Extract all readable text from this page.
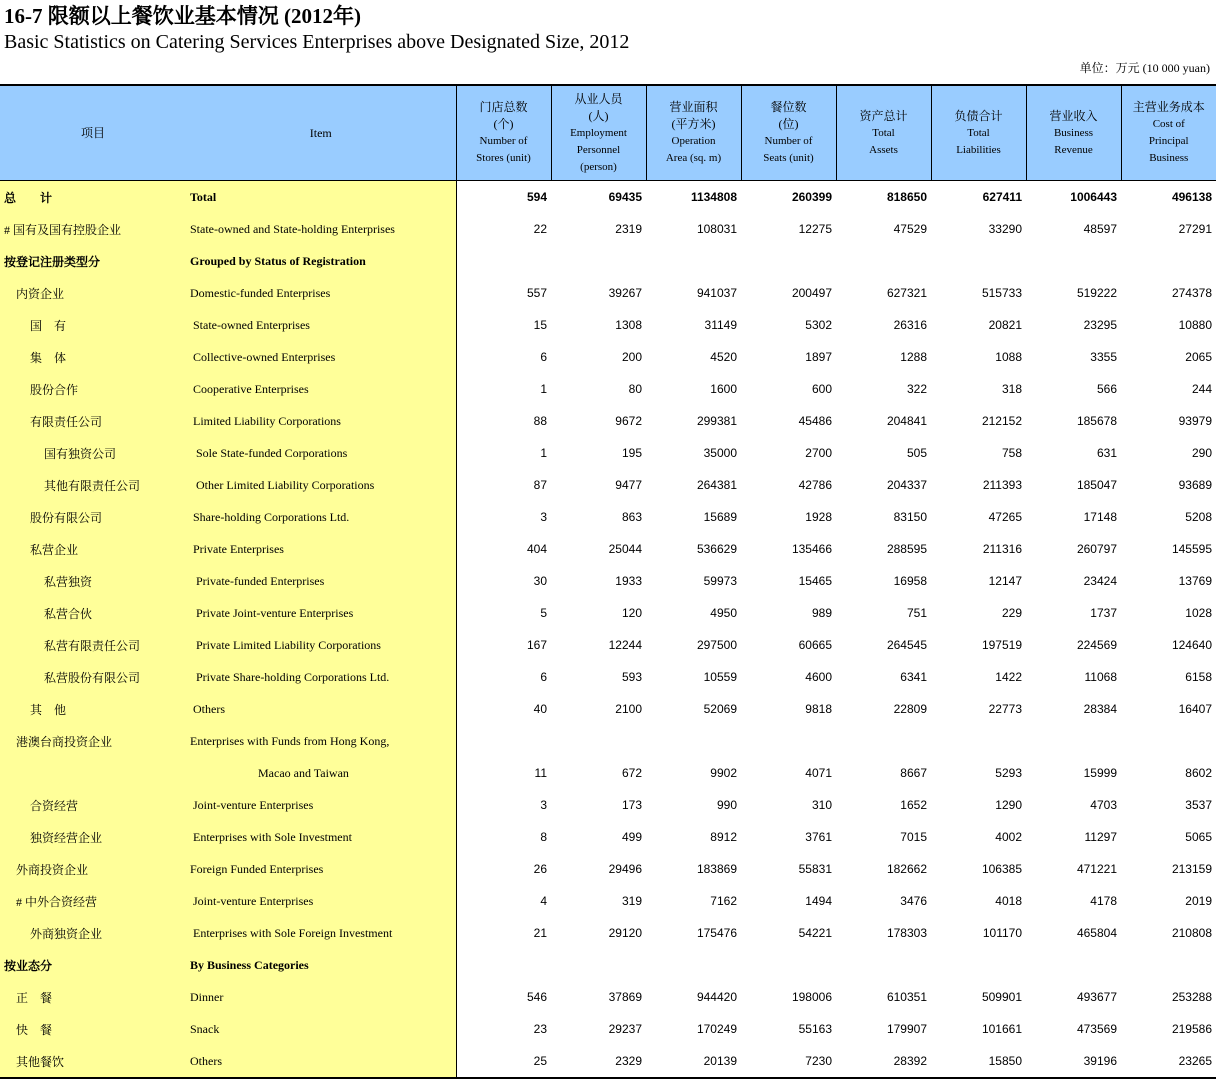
16-7 限额以上餐饮业基本情况 (2012年)
Basic Statistics on Catering Services Enterprises above Designated Size, 2012
单位：万元 (10 000 yuan)
项目	Item	门店总数
(个)
Number of
Stores (unit)	从业人员
(人)
Employment
Personnel
(person)	营业面积
(平方米)
Operation
Area (sq. m)	餐位数
(位)
Number of
Seats (unit)	资产总计
Total
Assets	负债合计
Total
Liabilities	营业收入
Business
Revenue	主营业务成本
Cost of
Principal
Business

总　　计	Total	594	69435	1134808	260399	818650	627411	1006443	496138
# 国有及国有控股企业	State-owned and State-holding Enterprises	22	2319	108031	12275	47529	33290	48597	27291
按登记注册类型分	Grouped by Status of Registration								
内资企业	Domestic-funded Enterprises	557	39267	941037	200497	627321	515733	519222	274378
国　有	State-owned Enterprises	15	1308	31149	5302	26316	20821	23295	10880
集　体	Collective-owned Enterprises	6	200	4520	1897	1288	1088	3355	2065
股份合作	Cooperative Enterprises	1	80	1600	600	322	318	566	244
有限责任公司	Limited Liability Corporations	88	9672	299381	45486	204841	212152	185678	93979
国有独资公司	Sole State-funded Corporations	1	195	35000	2700	505	758	631	290
其他有限责任公司	Other Limited Liability Corporations	87	9477	264381	42786	204337	211393	185047	93689
股份有限公司	Share-holding Corporations Ltd.	3	863	15689	1928	83150	47265	17148	5208
私营企业	Private Enterprises	404	25044	536629	135466	288595	211316	260797	145595
私营独资	Private-funded Enterprises	30	1933	59973	15465	16958	12147	23424	13769
私营合伙	Private Joint-venture Enterprises	5	120	4950	989	751	229	1737	1028
私营有限责任公司	Private Limited Liability Corporations	167	12244	297500	60665	264545	197519	224569	124640
私营股份有限公司	Private Share-holding Corporations Ltd.	6	593	10559	4600	6341	1422	11068	6158
其　他	Others	40	2100	52069	9818	22809	22773	28384	16407
港澳台商投资企业	Enterprises with Funds from Hong Kong,								
	Macao and Taiwan	11	672	9902	4071	8667	5293	15999	8602
合资经营	Joint-venture Enterprises	3	173	990	310	1652	1290	4703	3537
独资经营企业	Enterprises with Sole Investment	8	499	8912	3761	7015	4002	11297	5065
外商投资企业	Foreign Funded Enterprises	26	29496	183869	55831	182662	106385	471221	213159
# 中外合资经营	Joint-venture Enterprises	4	319	7162	1494	3476	4018	4178	2019
外商独资企业	Enterprises with Sole Foreign Investment	21	29120	175476	54221	178303	101170	465804	210808
按业态分	By Business Categories								
正　餐	Dinner	546	37869	944420	198006	610351	509901	493677	253288
快　餐	Snack	23	29237	170249	55163	179907	101661	473569	219586
其他餐饮	Others	25	2329	20139	7230	28392	15850	39196	23265
